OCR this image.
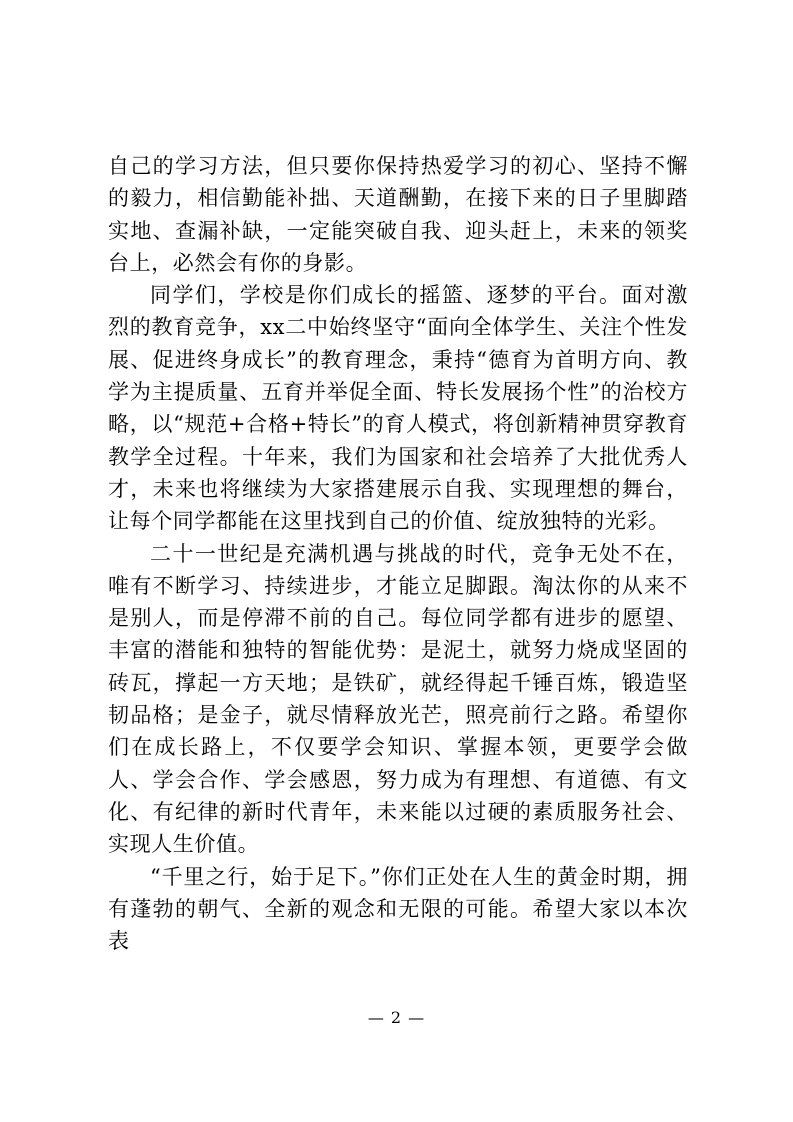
自己的学习方法，但只要你保持热爱学习的初心、坚持不懈的毅力，相信勤能补拙、天道酬勤，在接下来的日子里脚踏实地、查漏补缺，一定能突破自我、迎头赶上，未来的领奖台上，必然会有你的身影。

同学们，学校是你们成长的摇篮、逐梦的平台。面对激烈的教育竞争，xx二中始终坚守“面向全体学生、关注个性发展、促进终身成长”的教育理念，秉持“德育为首明方向、教学为主提质量、五育并举促全面、特长发展扬个性”的治校方略，以“规范+合格+特长”的育人模式，将创新精神贯穿教育教学全过程。十年来，我们为国家和社会培养了大批优秀人才，未来也将继续为大家搭建展示自我、实现理想的舞台，让每个同学都能在这里找到自己的价值、绽放独特的光彩。

二十一世纪是充满机遇与挑战的时代，竞争无处不在，唯有不断学习、持续进步，才能立足脚跟。淘汰你的从来不是别人，而是停滞不前的自己。每位同学都有进步的愿望、丰富的潜能和独特的智能优势：是泥土，就努力烧成坚固的砖瓦，撑起一方天地；是铁矿，就经得起千锤百炼，锻造坚韧品格；是金子，就尽情释放光芒，照亮前行之路。希望你们在成长路上，不仅要学会知识、掌握本领，更要学会做人、学会合作、学会感恩，努力成为有理想、有道德、有文化、有纪律的新时代青年，未来能以过硬的素质服务社会、实现人生价值。

“千里之行，始于足下。”你们正处在人生的黄金时期，拥有蓬勃的朝气、全新的观念和无限的可能。希望大家以本次表

— 2 —
